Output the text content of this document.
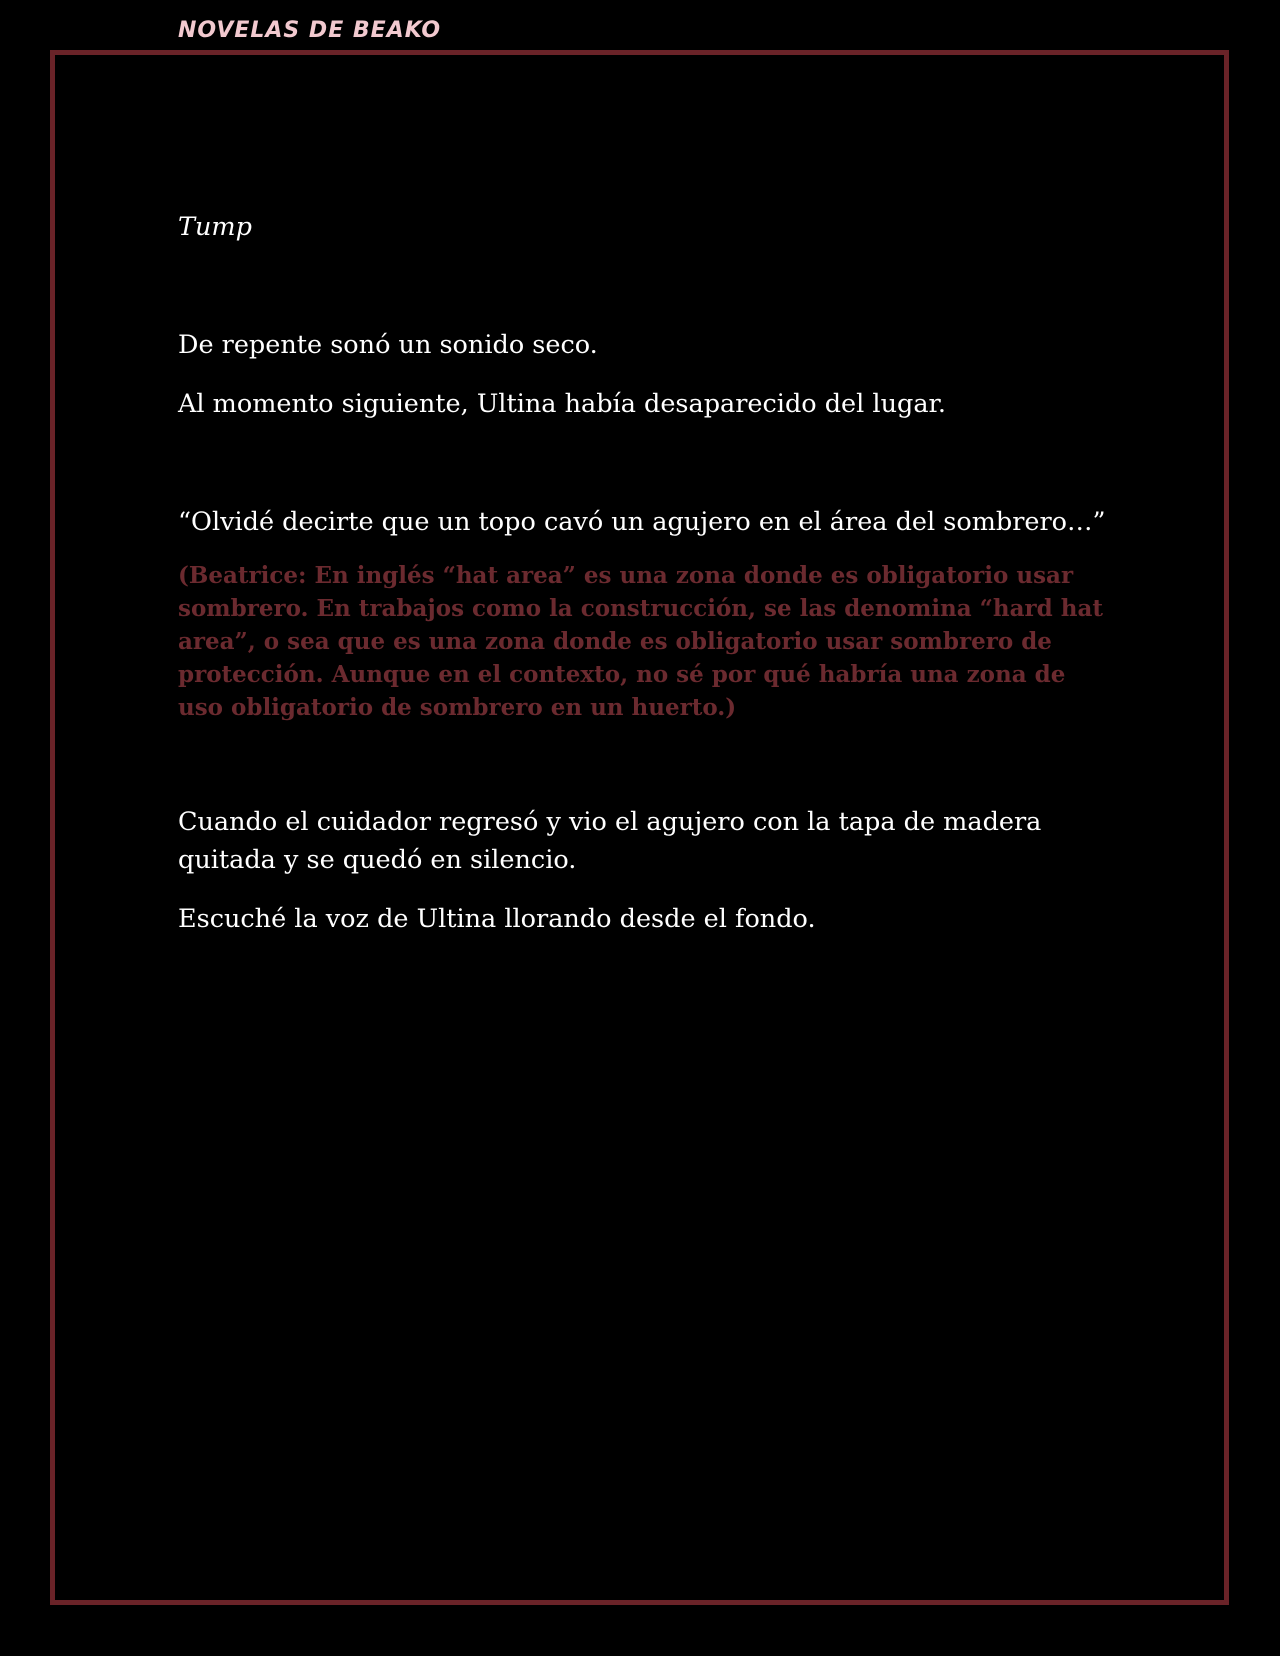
NOVELAS DE BEAKO

Tump

De repente sonó un sonido seco.

Al momento siguiente, Ultina había desaparecido del lugar.

“Olvidé decirte que un topo cavó un agujero en el área del sombrero…”

(Beatrice: En inglés “hat area” es una zona donde es obligatorio usar sombrero. En trabajos como la construcción, se las denomina “hard hat area”, o sea que es una zona donde es obligatorio usar sombrero de protección. Aunque en el contexto, no sé por qué habría una zona de uso obligatorio de sombrero en un huerto.)

Cuando el cuidador regresó y vio el agujero con la tapa de madera quitada y se quedó en silencio.

Escuché la voz de Ultina llorando desde el fondo.
